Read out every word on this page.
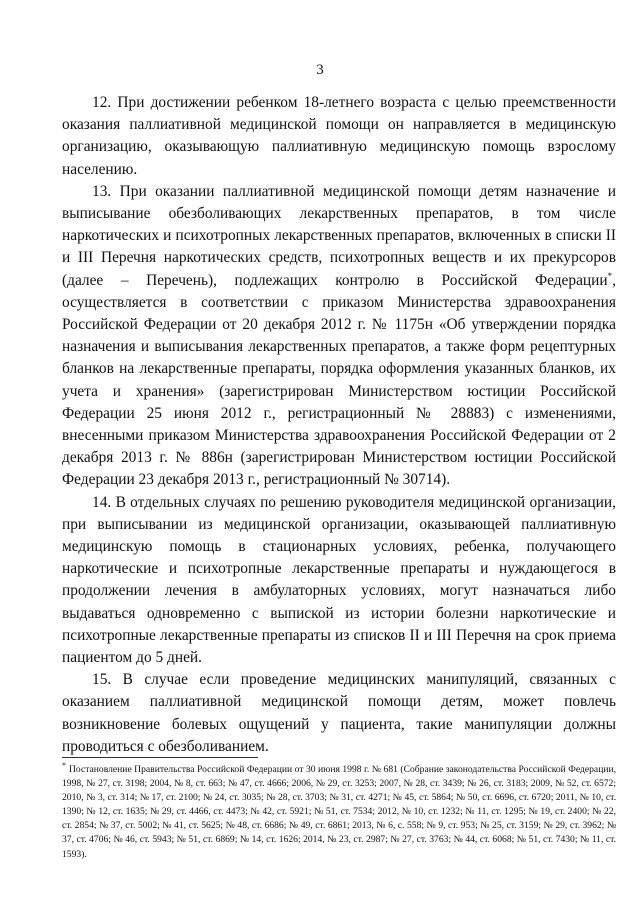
3

12. При достижении ребенком 18-летнего возраста с целью преемственности оказания паллиативной медицинской помощи он направляется в медицинскую организацию, оказывающую паллиативную медицинскую помощь взрослому населению.

13. При оказании паллиативной медицинской помощи детям назначение и выписывание обезболивающих лекарственных препаратов, в том числе наркотических и психотропных лекарственных препаратов, включенных в списки II и III Перечня наркотических средств, психотропных веществ и их прекурсоров (далее – Перечень), подлежащих контролю в Российской Федерации*, осуществляется в соответствии с приказом Министерства здравоохранения Российской Федерации от 20 декабря 2012 г. № 1175н «Об утверждении порядка назначения и выписывания лекарственных препаратов, а также форм рецептурных бланков на лекарственные препараты, порядка оформления указанных бланков, их учета и хранения» (зарегистрирован Министерством юстиции Российской Федерации 25 июня 2012 г., регистрационный № 28883) с изменениями, внесенными приказом Министерства здравоохранения Российской Федерации от 2 декабря 2013 г. № 886н (зарегистрирован Министерством юстиции Российской Федерации 23 декабря 2013 г., регистрационный № 30714).

14. В отдельных случаях по решению руководителя медицинской организации, при выписывании из медицинской организации, оказывающей паллиативную медицинскую помощь в стационарных условиях, ребенка, получающего наркотические и психотропные лекарственные препараты и нуждающегося в продолжении лечения в амбулаторных условиях, могут назначаться либо выдаваться одновременно с выпиской из истории болезни наркотические и психотропные лекарственные препараты из списков II и III Перечня на срок приема пациентом до 5 дней.

15. В случае если проведение медицинских манипуляций, связанных с оказанием паллиативной медицинской помощи детям, может повлечь возникновение болевых ощущений у пациента, такие манипуляции должны проводиться с обезболиванием.

* Постановление Правительства Российской Федерации от 30 июня 1998 г. № 681 (Собрание законодательства Российской Федерации, 1998, № 27, ст. 3198; 2004, № 8, ст. 663; № 47, ст. 4666; 2006, № 29, ст. 3253; 2007, № 28, ст. 3439; № 26, ст. 3183; 2009, № 52, ст. 6572; 2010, № 3, ст. 314; № 17, ст. 2100; № 24, ст. 3035; № 28, ст. 3703; № 31, ст. 4271; № 45, ст. 5864; № 50, ст. 6696, ст. 6720; 2011, № 10, ст. 1390; № 12, ст. 1635; № 29, ст. 4466, ст. 4473; № 42, ст. 5921; № 51, ст. 7534; 2012, № 10, ст. 1232; № 11, ст. 1295; № 19, ст. 2400; № 22, ст. 2854; № 37, ст. 5002; № 41, ст. 5625; № 48, ст. 6686; № 49, ст. 6861; 2013, № 6, с. 558; № 9, ст. 953; № 25, ст. 3159; № 29, ст. 3962; № 37, ст. 4706; № 46, ст. 5943; № 51, ст. 6869; № 14, ст. 1626; 2014, № 23, ст. 2987; № 27, ст. 3763; № 44, ст. 6068; № 51, ст. 7430; № 11, ст. 1593).
